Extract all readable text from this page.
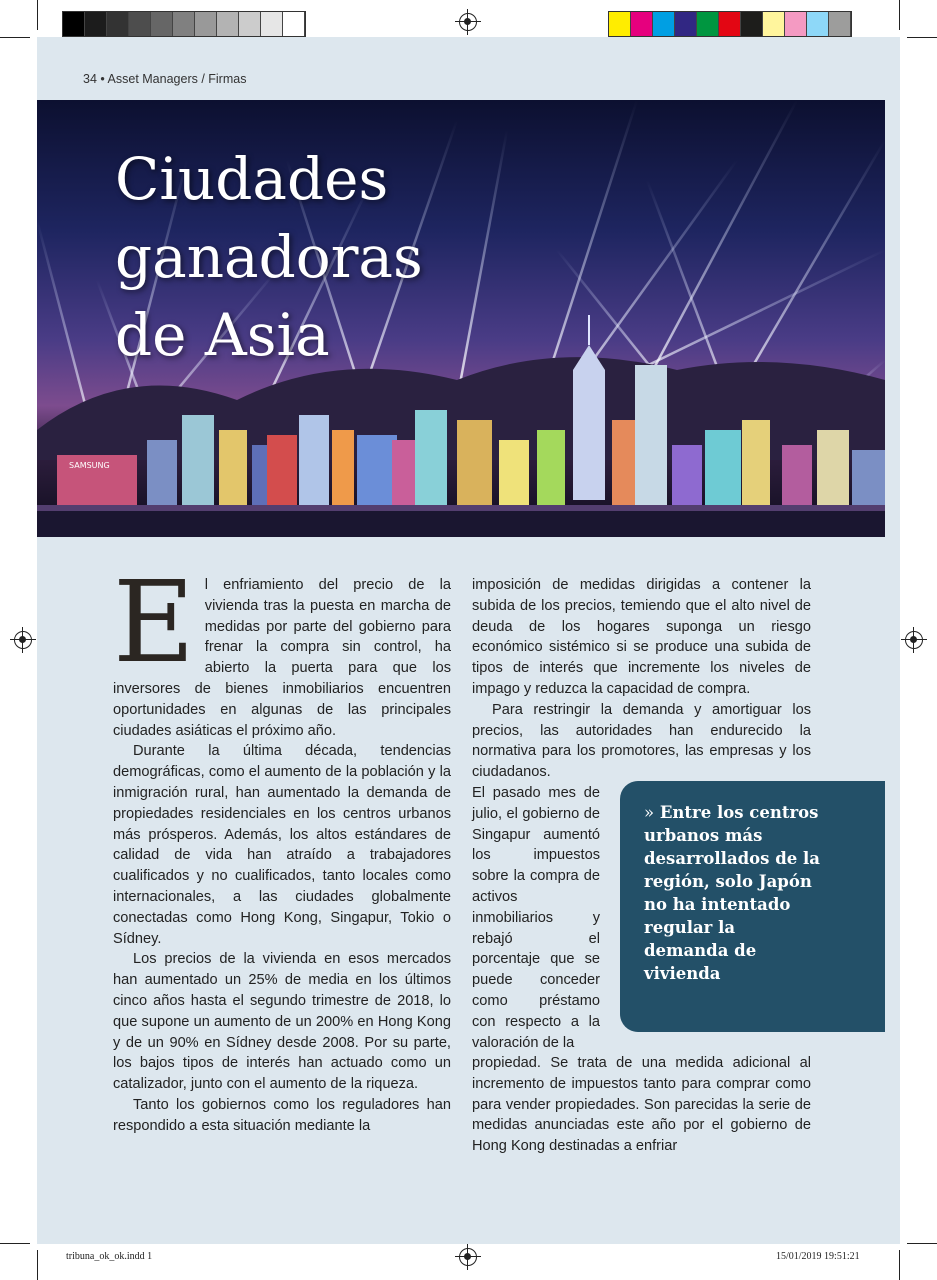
34 • Asset Managers / Firmas
SAMSUNG
Ciudades
ganadoras
de Asia
E l enfriamiento del precio de la vivienda tras la puesta en marcha de medidas por parte del gobierno para frenar la compra sin control, ha abierto la puerta para que los inversores de bienes inmobiliarios encuentren oportunidades en algunas de las principales ciudades asiáticas el próximo año.

Durante la última década, tendencias demográficas, como el aumento de la población y la inmigración rural, han aumentado la demanda de propiedades residenciales en los centros urbanos más prósperos. Además, los altos estándares de calidad de vida han atraído a trabajadores cualificados y no cualificados, tanto locales como internacionales, a las ciudades globalmente conectadas como Hong Kong, Singapur, Tokio o Sídney.

Los precios de la vivienda en esos mercados han aumentado un 25% de media en los últimos cinco años hasta el segundo trimestre de 2018, lo que supone un aumento de un 200% en Hong Kong y de un 90% en Sídney desde 2008. Por su parte, los bajos tipos de interés han actuado como un catalizador, junto con el aumento de la riqueza.

Tanto los gobiernos como los reguladores han respondido a esta situación mediante la

imposición de medidas dirigidas a contener la subida de los precios, temiendo que el alto nivel de deuda de los hogares suponga un riesgo económico sistémico si se produce una subida de tipos de interés que incremente los niveles de impago y reduzca la capacidad de compra.

Para restringir la demanda y amortiguar los precios, las autoridades han endurecido la normativa para los promotores, las empresas y los ciudadanos.

El pasado mes de julio, el gobierno de Singapur aumentó los impuestos sobre la compra de activos inmobiliarios y rebajó el porcentaje que se puede conceder como préstamo con respecto a la valoración de la

propiedad. Se trata de una medida adicional al incremento de impuestos tanto para comprar como para vender propiedades. Son parecidas la serie de medidas anunciadas este año por el gobierno de Hong Kong destinadas a enfriar

» Entre los centros urbanos más desarrollados de la región, solo Japón no ha intentado regular la demanda de vivienda
tribuna_ok_ok.indd 1	15/01/2019 19:51:21
